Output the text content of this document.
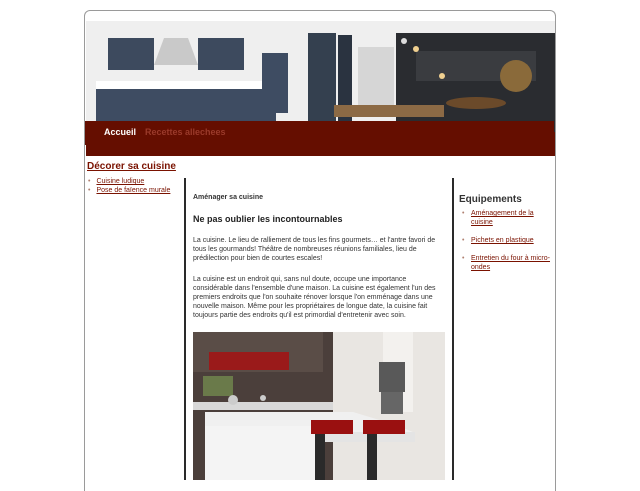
Accueil Recettes allechees
Décorer sa cuisine
• Cuisine ludique
• Pose de faïence murale
Aménager sa cuisine
Ne pas oublier les incontournables

La cuisine. Le lieu de ralliement de tous les fins gourmets… et l'antre favori de tous les gourmands! Théâtre de nombreuses réunions familiales, lieu de prédilection pour bien de courtes escales!

La cuisine est un endroit qui, sans nul doute, occupe une importance considérable dans l'ensemble d'une maison. La cuisine est également l'un des premiers endroits que l'on souhaite rénover lorsque l'on emménage dans une nouvelle maison. Même pour les propriétaires de longue date, la cuisine fait toujours partie des endroits qu'il est primordial d'entretenir avec soin.

Equipements
• Aménagement de la cuisine
• Pichets en plastique
• Entretien du four à micro-ondes
